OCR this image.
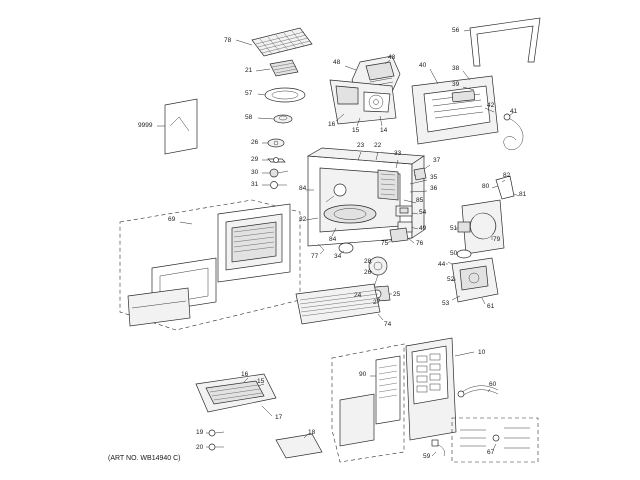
78
21
57
58
9999
26
29
30
31
48
43
40	38
39
56
42
41
16
15	14
23 22
33
37
36
35
85
54
49
84
32
84
34
77
75	76
28
26
24
27
25
69
74
82
80
81
79
51
50
44
52
53	61
10
90
60
67
59
16
15
17
19
20
18
(ART NO. WB14940 C)
